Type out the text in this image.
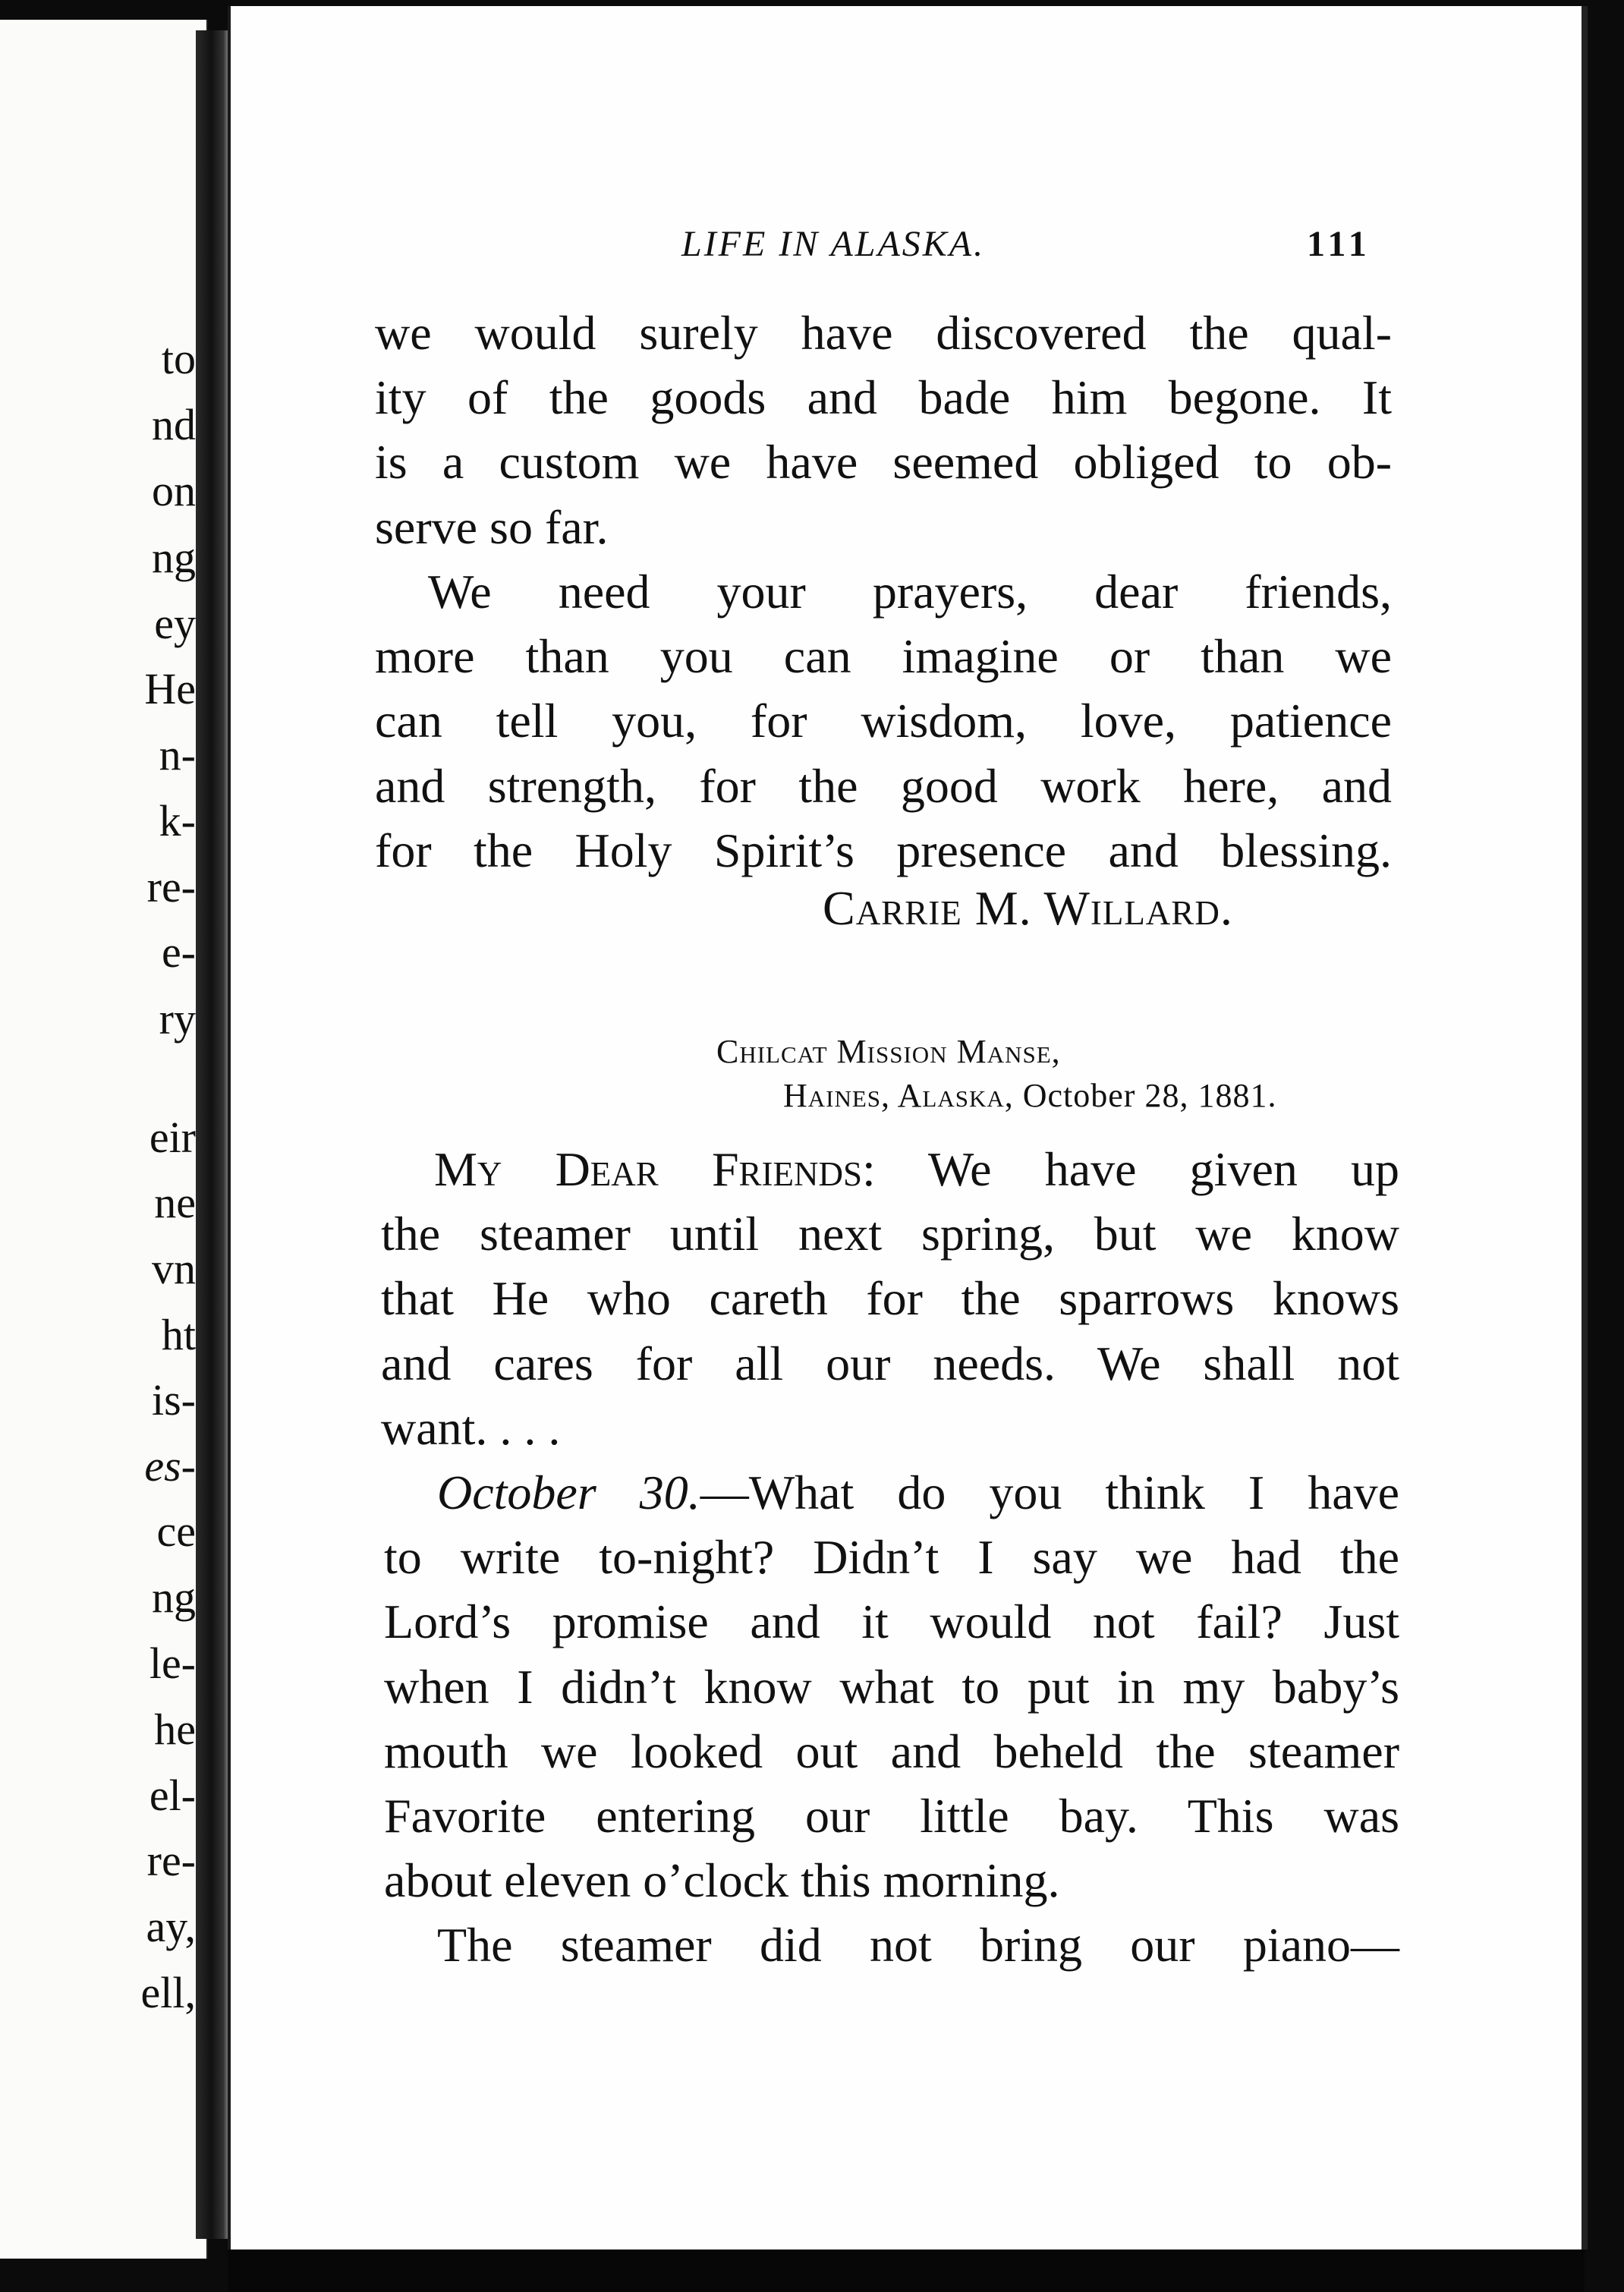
to
nd
on
ng
ey
He
n-
k-
re-
e-
ry
eir
ne
vn
ht
is-
es-
ce
ng
le-
he
el-
re-
ay,
ell,
LIFE IN ALASKA.	111
we would surely have discovered the qual-
ity of the goods and bade him begone. It
is a custom we have seemed obliged to ob-
serve so far.
We need your prayers, dear friends,
more than you can imagine or than we
can tell you, for wisdom, love, patience
and strength, for the good work here, and
for the Holy Spirit’s presence and blessing.
Carrie M. Willard.
Chilcat Mission Manse,
Haines, Alaska, October 28, 1881.
My Dear Friends: We have given up
the steamer until next spring, but we know
that He who careth for the sparrows knows
and cares for all our needs. We shall not
want. . . .
October 30.—What do you think I have
to write to-night? Didn’t I say we had the
Lord’s promise and it would not fail? Just
when I didn’t know what to put in my baby’s
mouth we looked out and beheld the steamer
Favorite entering our little bay. This was
about eleven o’clock this morning.
The steamer did not bring our piano—
